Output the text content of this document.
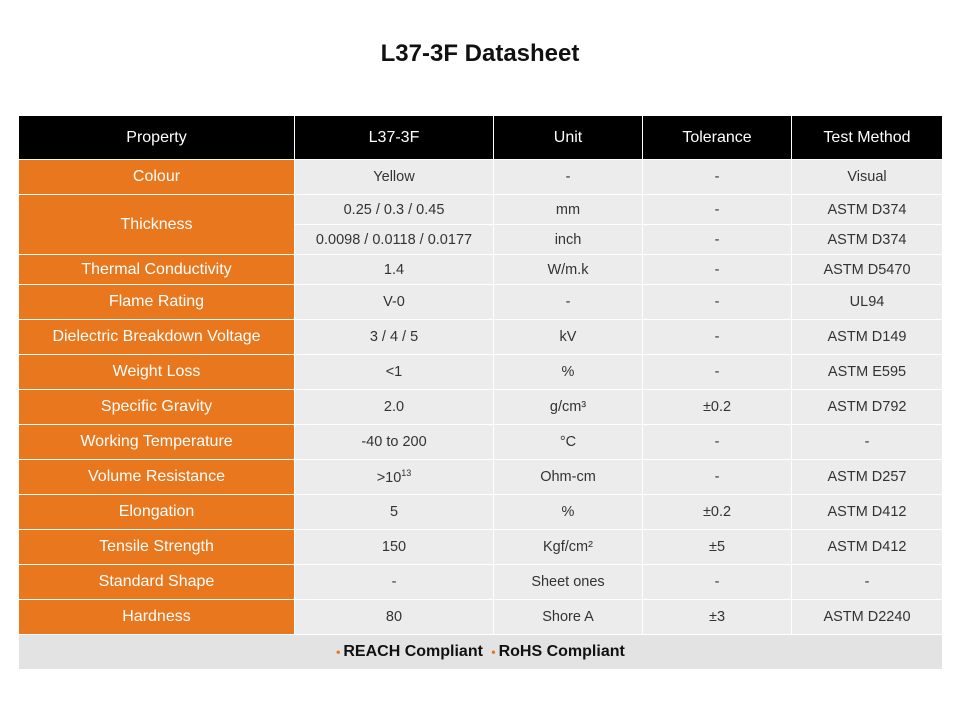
L37-3F Datasheet
Property	L37-3F	Unit	Tolerance	Test Method
Colour	Yellow	-	-	Visual
Thickness	0.25 / 0.3 / 0.45	mm	-	ASTM D374
	0.0098 / 0.0118 / 0.0177	inch	-	ASTM D374
Thermal Conductivity	1.4	W/m.k	-	ASTM D5470
Flame Rating	V-0	-	-	UL94
Dielectric Breakdown Voltage	3 / 4 / 5	kV	-	ASTM D149
Weight Loss	<1	%	-	ASTM E595
Specific Gravity	2.0	g/cm³	±0.2	ASTM D792
Working Temperature	-40 to 200	°C	-	-
Volume Resistance	$>10^{13}$	Ohm-cm	-	ASTM D257
Elongation	5	%	±0.2	ASTM D412
Tensile Strength	150	Kgf/cm²	±5	ASTM D412
Standard Shape	-	Sheet ones	-	-
Hardness	80	Shore A	±3	ASTM D2240
• REACH Compliant • RoHS Compliant				
